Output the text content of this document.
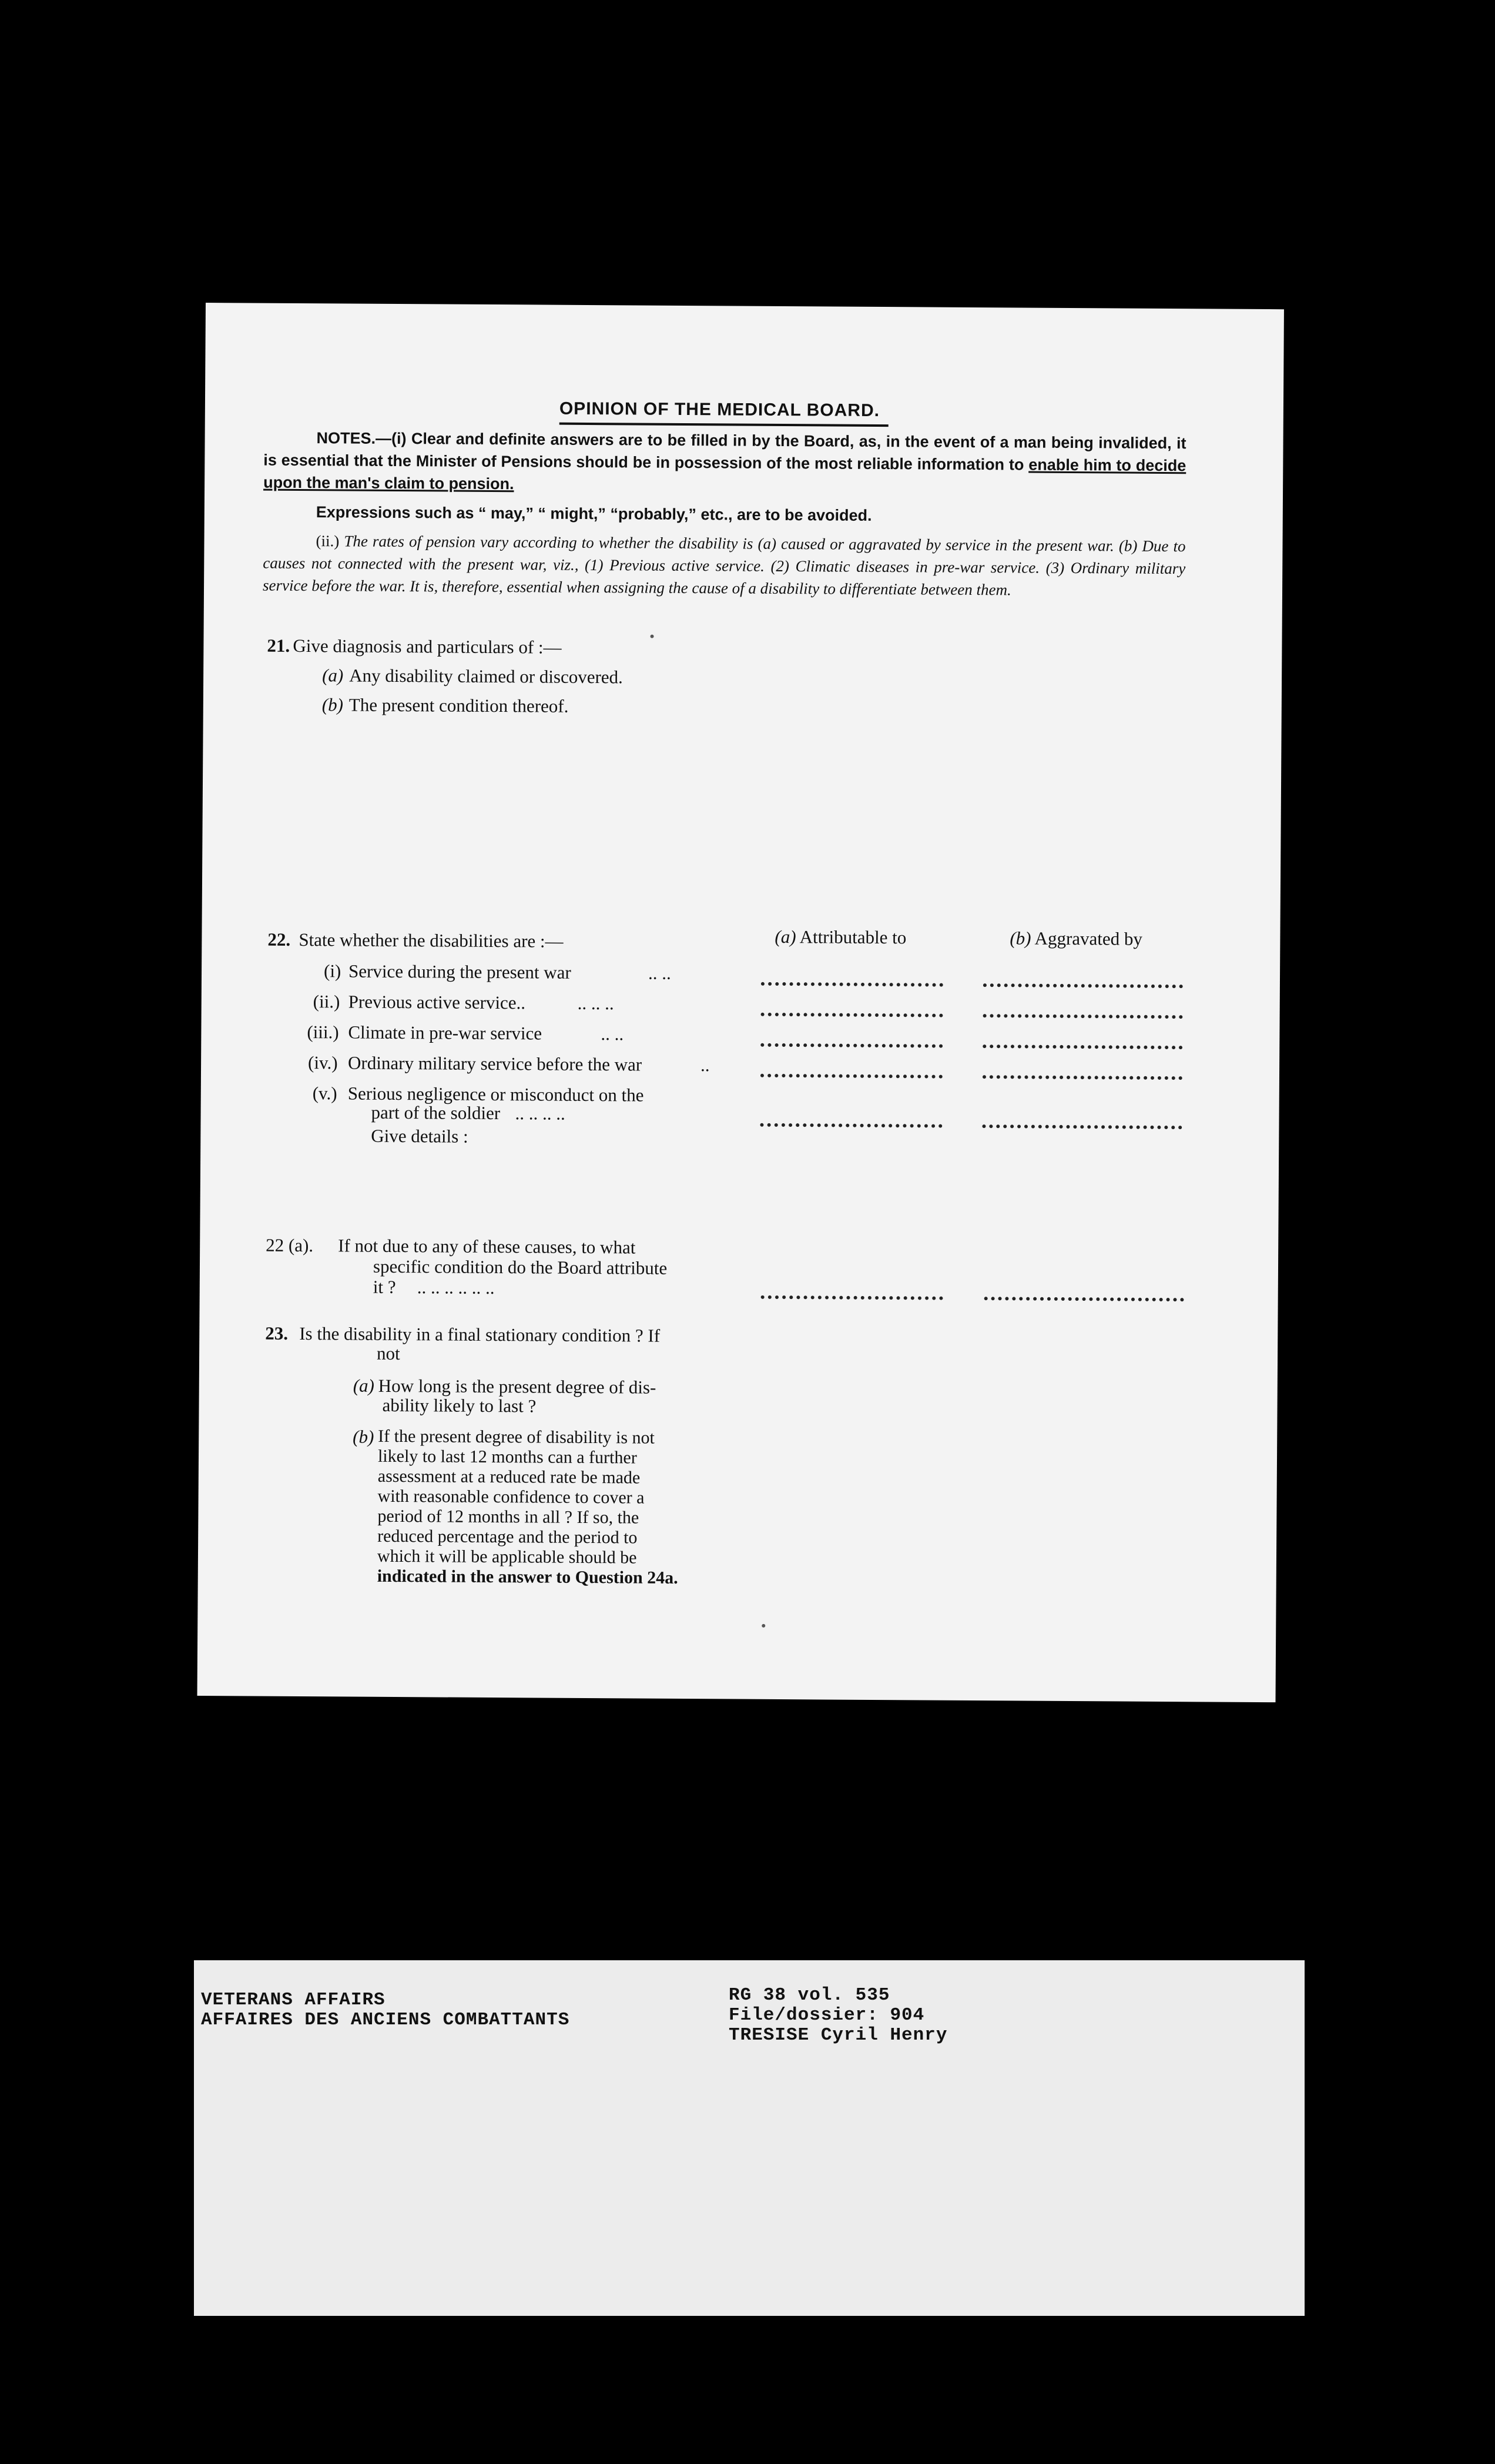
OPINION OF THE MEDICAL BOARD.
NOTES.—(i) Clear and definite answers are to be filled in by the Board, as, in the event of a man being invalided, it is essential that the Minister of Pensions should be in possession of the most reliable information to enable him to decide upon the man's claim to pension.
Expressions such as “ may,” “ might,” “probably,” etc., are to be avoided.
(ii.) The rates of pension vary according to whether the disability is (a) caused or aggravated by service in the present war. (b) Due to causes not connected with the present war, viz., (1) Previous active service. (2) Climatic diseases in pre-war service. (3) Ordinary military service before the war. It is, therefore, essential when assigning the cause of a disability to differentiate between them.
21. Give diagnosis and particulars of :—
(a) Any disability claimed or discovered.
(b) The present condition thereof.
22. State whether the disabilities are :—	(a) Attributable to	(b) Aggravated by
(i) Service during the present war	.. ..
(ii.) Previous active service..	.. .. ..
(iii.) Climate in pre-war service	.. ..
(iv.) Ordinary military service before the war	..
(v.) Serious negligence or misconduct on the
part of the soldier .. .. .. ..
Give details :
22 (a). If not due to any of these causes, to what
specific condition do the Board attribute
it ? .. .. .. .. .. ..
23. Is the disability in a final stationary condition ? If
not
(a) How long is the present degree of dis-
ability likely to last ?
(b) If the present degree of disability is not
likely to last 12 months can a further
assessment at a reduced rate be made
with reasonable confidence to cover a
period of 12 months in all ? If so, the
reduced percentage and the period to
which it will be applicable should be
indicated in the answer to Question 24a.
VETERANS AFFAIRS
AFFAIRES DES ANCIENS COMBATTANTS
RG 38 vol. 535
File/dossier: 904
TRESISE Cyril Henry
